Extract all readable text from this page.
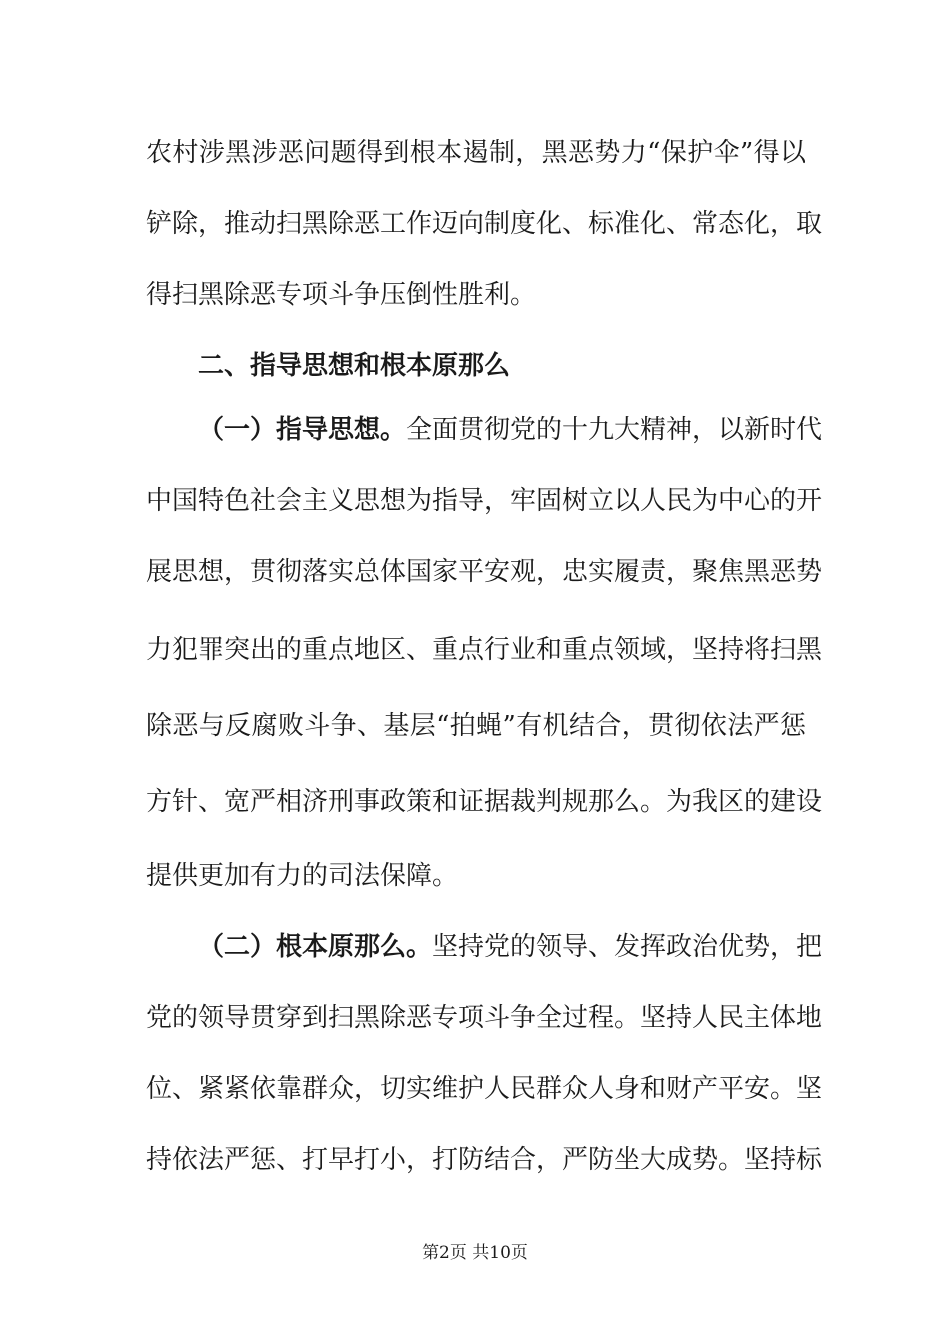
农村涉黑涉恶问题得到根本遏制，黑恶势力“保护伞”得以
铲除，推动扫黑除恶工作迈向制度化、标准化、常态化，取
得扫黑除恶专项斗争压倒性胜利。
二、指导思想和根本原那么
（一）指导思想。全面贯彻党的十九大精神，以新时代
中国特色社会主义思想为指导，牢固树立以人民为中心的开
展思想，贯彻落实总体国家平安观，忠实履责，聚焦黑恶势
力犯罪突出的重点地区、重点行业和重点领域，坚持将扫黑
除恶与反腐败斗争、基层“拍蝇”有机结合，贯彻依法严惩
方针、宽严相济刑事政策和证据裁判规那么。为我区的建设
提供更加有力的司法保障。
（二）根本原那么。坚持党的领导、发挥政治优势，把
党的领导贯穿到扫黑除恶专项斗争全过程。坚持人民主体地
位、紧紧依靠群众，切实维护人民群众人身和财产平安。坚
持依法严惩、打早打小，打防结合，严防坐大成势。坚持标
第2页 共10页
